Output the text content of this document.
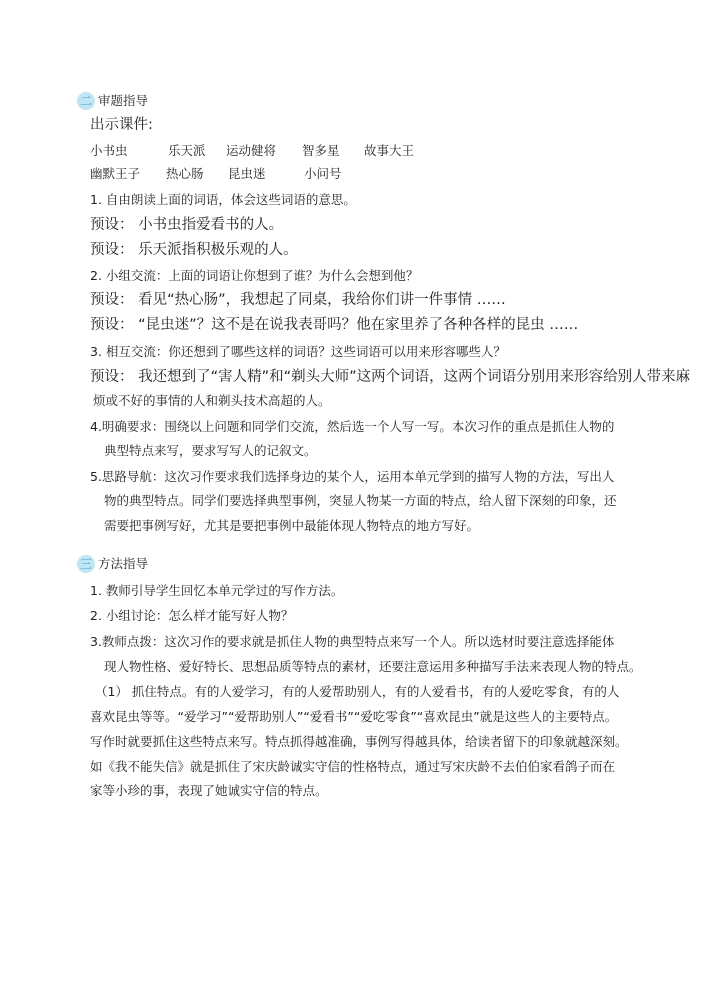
二 审题指导
出示课件:
小书虫	乐天派 运动健将 智多星 故事大王
幽默王子 热心肠 昆虫迷	小问号
1. 自由朗读上面的词语，体会这些词语的意思。
预设： 小书虫指爱看书的人。
预设： 乐天派指积极乐观的人。
2. 小组交流：上面的词语让你想到了谁？为什么会想到他？
预设： 看见“热心肠”，我想起了同桌，我给你们讲一件事情 ……
预设： “昆虫迷”？这不是在说我表哥吗？他在家里养了各种各样的昆虫 ……
3. 相互交流：你还想到了哪些这样的词语？这些词语可以用来形容哪些人？
预设： 我还想到了“害人精”和“剃头大师”这两个词语，这两个词语分别用来形容给别人带来麻
烦或不好的事情的人和剃头技术高超的人。
4.明确要求：围绕以上问题和同学们交流，然后选一个人写一写。本次习作的重点是抓住人物的
典型特点来写，要求写写人的记叙文。
5.思路导航：这次习作要求我们选择身边的某个人，运用本单元学到的描写人物的方法，写出人
物的典型特点。同学们要选择典型事例，突显人物某一方面的特点，给人留下深刻的印象，还
需要把事例写好，尤其是要把事例中最能体现人物特点的地方写好。
三 方法指导
1. 教师引导学生回忆本单元学过的写作方法。
2. 小组讨论：怎么样才能写好人物？
3.教师点拨：这次习作的要求就是抓住人物的典型特点来写一个人。所以选材时要注意选择能体
现人物性格、爱好特长、思想品质等特点的素材，还要注意运用多种描写手法来表现人物的特点。
（1） 抓住特点。有的人爱学习，有的人爱帮助别人，有的人爱看书，有的人爱吃零食，有的人
喜欢昆虫等等。“爱学习”“爱帮助别人”“爱看书”“爱吃零食”“喜欢昆虫”就是这些人的主要特点。
写作时就要抓住这些特点来写。特点抓得越准确，事例写得越具体，给读者留下的印象就越深刻。
如《我不能失信》就是抓住了宋庆龄诚实守信的性格特点，通过写宋庆龄不去伯伯家看鸽子而在
家等小珍的事，表现了她诚实守信的特点。
